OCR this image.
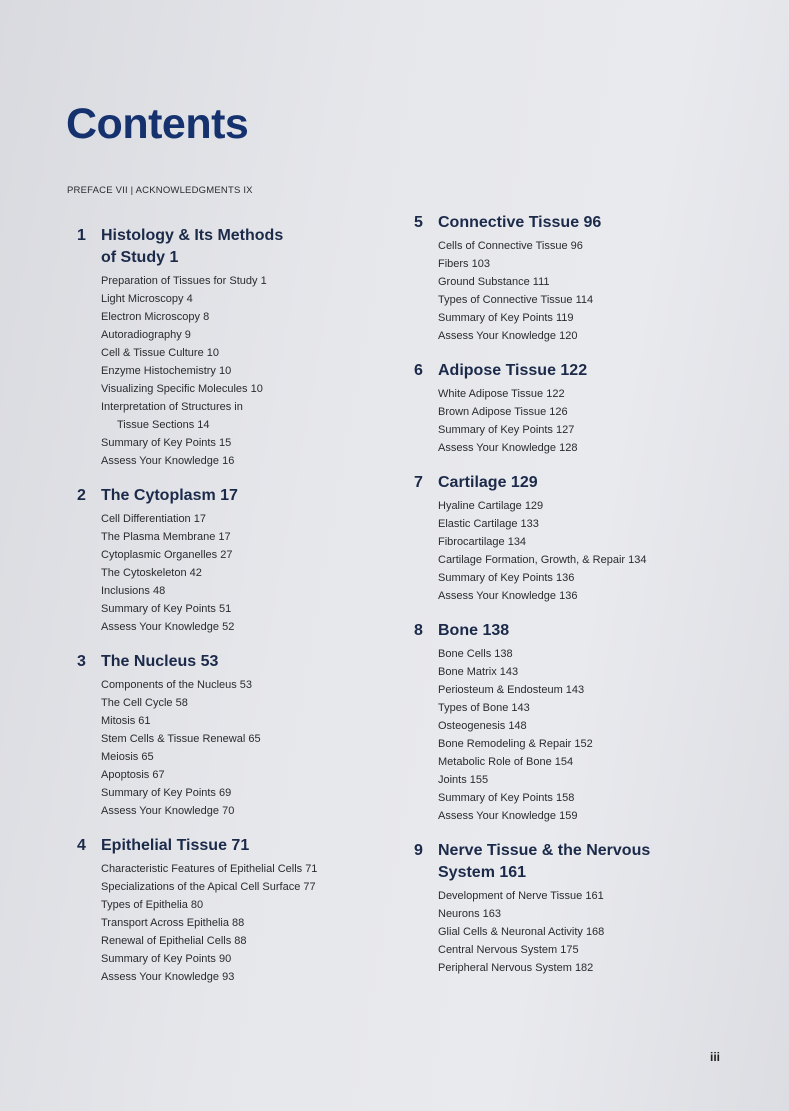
Contents
PREFACE VII | ACKNOWLEDGMENTS IX
1 Histology & Its Methods
of Study 1
Preparation of Tissues for Study 1
Light Microscopy 4
Electron Microscopy 8
Autoradiography 9
Cell & Tissue Culture 10
Enzyme Histochemistry 10
Visualizing Specific Molecules 10
Interpretation of Structures in
Tissue Sections 14
Summary of Key Points 15
Assess Your Knowledge 16
2 The Cytoplasm 17
Cell Differentiation 17
The Plasma Membrane 17
Cytoplasmic Organelles 27
The Cytoskeleton 42
Inclusions 48
Summary of Key Points 51
Assess Your Knowledge 52
3 The Nucleus 53
Components of the Nucleus 53
The Cell Cycle 58
Mitosis 61
Stem Cells & Tissue Renewal 65
Meiosis 65
Apoptosis 67
Summary of Key Points 69
Assess Your Knowledge 70
4 Epithelial Tissue 71
Characteristic Features of Epithelial Cells 71
Specializations of the Apical Cell Surface 77
Types of Epithelia 80
Transport Across Epithelia 88
Renewal of Epithelial Cells 88
Summary of Key Points 90
Assess Your Knowledge 93
5 Connective Tissue 96
Cells of Connective Tissue 96
Fibers 103
Ground Substance 111
Types of Connective Tissue 114
Summary of Key Points 119
Assess Your Knowledge 120
6 Adipose Tissue 122
White Adipose Tissue 122
Brown Adipose Tissue 126
Summary of Key Points 127
Assess Your Knowledge 128
7 Cartilage 129
Hyaline Cartilage 129
Elastic Cartilage 133
Fibrocartilage 134
Cartilage Formation, Growth, & Repair 134
Summary of Key Points 136
Assess Your Knowledge 136
8 Bone 138
Bone Cells 138
Bone Matrix 143
Periosteum & Endosteum 143
Types of Bone 143
Osteogenesis 148
Bone Remodeling & Repair 152
Metabolic Role of Bone 154
Joints 155
Summary of Key Points 158
Assess Your Knowledge 159
9 Nerve Tissue & the Nervous
System 161
Development of Nerve Tissue 161
Neurons 163
Glial Cells & Neuronal Activity 168
Central Nervous System 175
Peripheral Nervous System 182
iii
